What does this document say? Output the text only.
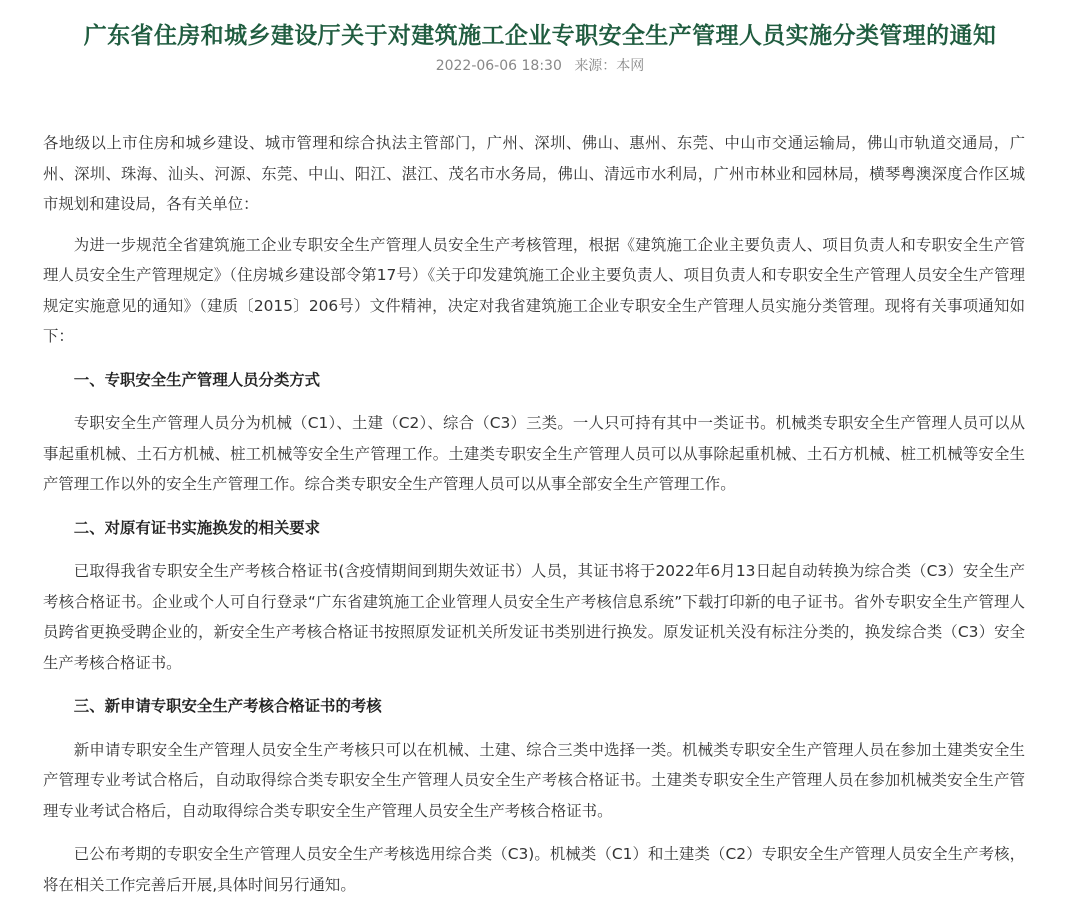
广东省住房和城乡建设厅关于对建筑施工企业专职安全生产管理人员实施分类管理的通知
2022-06-06 18:30 来源：本网

各地级以上市住房和城乡建设、城市管理和综合执法主管部门，广州、深圳、佛山、惠州、东莞、中山市交通运输局，佛山市轨道交通局，广州、深圳、珠海、汕头、河源、东莞、中山、阳江、湛江、茂名市水务局，佛山、清远市水利局，广州市林业和园林局，横琴粤澳深度合作区城市规划和建设局，各有关单位：

为进一步规范全省建筑施工企业专职安全生产管理人员安全生产考核管理，根据《建筑施工企业主要负责人、项目负责人和专职安全生产管理人员安全生产管理规定》（住房城乡建设部令第17号）《关于印发建筑施工企业主要负责人、项目负责人和专职安全生产管理人员安全生产管理规定实施意见的通知》（建质〔2015〕206号）文件精神，决定对我省建筑施工企业专职安全生产管理人员实施分类管理。现将有关事项通知如下：

一、专职安全生产管理人员分类方式

专职安全生产管理人员分为机械（C1）、土建（C2）、综合（C3）三类。一人只可持有其中一类证书。机械类专职安全生产管理人员可以从事起重机械、土石方机械、桩工机械等安全生产管理工作。土建类专职安全生产管理人员可以从事除起重机械、土石方机械、桩工机械等安全生产管理工作以外的安全生产管理工作。综合类专职安全生产管理人员可以从事全部安全生产管理工作。

二、对原有证书实施换发的相关要求

已取得我省专职安全生产考核合格证书(含疫情期间到期失效证书）人员，其证书将于2022年6月13日起自动转换为综合类（C3）安全生产考核合格证书。企业或个人可自行登录“广东省建筑施工企业管理人员安全生产考核信息系统”下载打印新的电子证书。省外专职安全生产管理人员跨省更换受聘企业的，新安全生产考核合格证书按照原发证机关所发证书类别进行换发。原发证机关没有标注分类的，换发综合类（C3）安全生产考核合格证书。

三、新申请专职安全生产考核合格证书的考核

新申请专职安全生产管理人员安全生产考核只可以在机械、土建、综合三类中选择一类。机械类专职安全生产管理人员在参加土建类安全生产管理专业考试合格后，自动取得综合类专职安全生产管理人员安全生产考核合格证书。土建类专职安全生产管理人员在参加机械类安全生产管理专业考试合格后，自动取得综合类专职安全生产管理人员安全生产考核合格证书。

已公布考期的专职安全生产管理人员安全生产考核选用综合类（C3)。机械类（C1）和土建类（C2）专职安全生产管理人员安全生产考核，将在相关工作完善后开展,具体时间另行通知。
